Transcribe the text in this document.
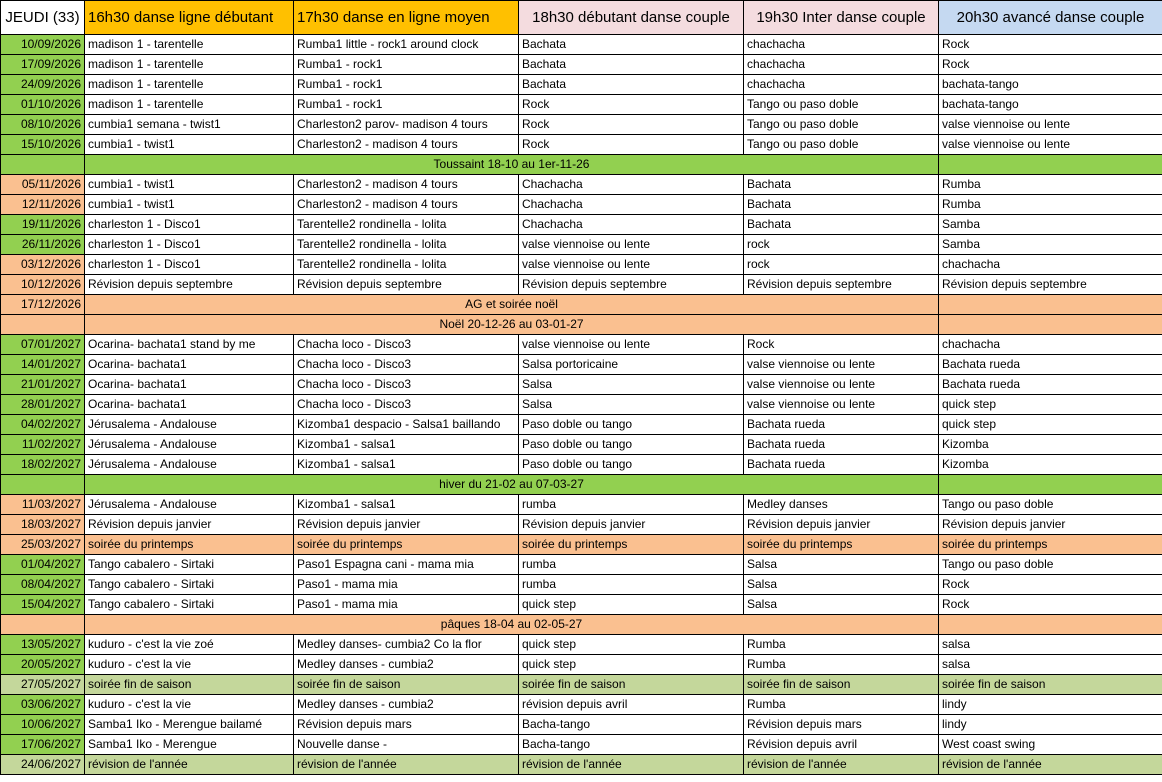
JEUDI (33)	16h30 danse ligne débutant	17h30 danse en ligne moyen	18h30 débutant danse couple	19h30 Inter danse couple	20h30 avancé danse couple
10/09/2026	madison 1 - tarentelle	Rumba1 little - rock1 around clock	Bachata	chachacha	Rock
17/09/2026	madison 1 - tarentelle	Rumba1 - rock1	Bachata	chachacha	Rock
24/09/2026	madison 1 - tarentelle	Rumba1 - rock1	Bachata	chachacha	bachata-tango
01/10/2026	madison 1 - tarentelle	Rumba1 - rock1	Rock	Tango ou paso doble	bachata-tango
08/10/2026	cumbia1 semana - twist1	Charleston2 parov- madison 4 tours	Rock	Tango ou paso doble	valse viennoise ou lente
15/10/2026	cumbia1 - twist1	Charleston2 - madison 4 tours	Rock	Tango ou paso doble	valse viennoise ou lente
	Toussaint 18-10 au 1er-11-26				
05/11/2026	cumbia1 - twist1	Charleston2 - madison 4 tours	Chachacha	Bachata	Rumba
12/11/2026	cumbia1 - twist1	Charleston2 - madison 4 tours	Chachacha	Bachata	Rumba
19/11/2026	charleston 1 - Disco1	Tarentelle2 rondinella - lolita	Chachacha	Bachata	Samba
26/11/2026	charleston 1 - Disco1	Tarentelle2 rondinella - lolita	valse viennoise ou lente	rock	Samba
03/12/2026	charleston 1 - Disco1	Tarentelle2 rondinella - lolita	valse viennoise ou lente	rock	chachacha
10/12/2026	Révision depuis septembre	Révision depuis septembre	Révision depuis septembre	Révision depuis septembre	Révision depuis septembre
17/12/2026	AG et soirée noël				
	Noël 20-12-26 au 03-01-27				
07/01/2027	Ocarina- bachata1 stand by me	Chacha loco - Disco3	valse viennoise ou lente	Rock	chachacha
14/01/2027	Ocarina- bachata1	Chacha loco - Disco3	Salsa portoricaine	valse viennoise ou lente	Bachata rueda
21/01/2027	Ocarina- bachata1	Chacha loco - Disco3	Salsa	valse viennoise ou lente	Bachata rueda
28/01/2027	Ocarina- bachata1	Chacha loco - Disco3	Salsa	valse viennoise ou lente	quick step
04/02/2027	Jérusalema - Andalouse	Kizomba1 despacio - Salsa1 baillando	Paso doble ou tango	Bachata rueda	quick step
11/02/2027	Jérusalema - Andalouse	Kizomba1 - salsa1	Paso doble ou tango	Bachata rueda	Kizomba
18/02/2027	Jérusalema - Andalouse	Kizomba1 - salsa1	Paso doble ou tango	Bachata rueda	Kizomba
	hiver du 21-02 au 07-03-27				
11/03/2027	Jérusalema - Andalouse	Kizomba1 - salsa1	rumba	Medley danses	Tango ou paso doble
18/03/2027	Révision depuis janvier	Révision depuis janvier	Révision depuis janvier	Révision depuis janvier	Révision depuis janvier
25/03/2027	soirée du printemps	soirée du printemps	soirée du printemps	soirée du printemps	soirée du printemps
01/04/2027	Tango cabalero - Sirtaki	Paso1 Espagna cani - mama mia	rumba	Salsa	Tango ou paso doble
08/04/2027	Tango cabalero - Sirtaki	Paso1 - mama mia	rumba	Salsa	Rock
15/04/2027	Tango cabalero - Sirtaki	Paso1 - mama mia	quick step	Salsa	Rock
	pâques 18-04 au 02-05-27				
13/05/2027	kuduro - c'est la vie zoé	Medley danses- cumbia2 Co la flor	quick step	Rumba	salsa
20/05/2027	kuduro - c'est la vie	Medley danses - cumbia2	quick step	Rumba	salsa
27/05/2027	soirée fin de saison	soirée fin de saison	soirée fin de saison	soirée fin de saison	soirée fin de saison
03/06/2027	kuduro - c'est la vie	Medley danses - cumbia2	révision depuis avril	Rumba	lindy
10/06/2027	Samba1 Iko - Merengue bailamé	Révision depuis mars	Bacha-tango	Révision depuis mars	lindy
17/06/2027	Samba1 Iko - Merengue	Nouvelle danse -	Bacha-tango	Révision depuis avril	West coast swing
24/06/2027	révision de l'année	révision de l'année	révision de l'année	révision de l'année	révision de l'année
